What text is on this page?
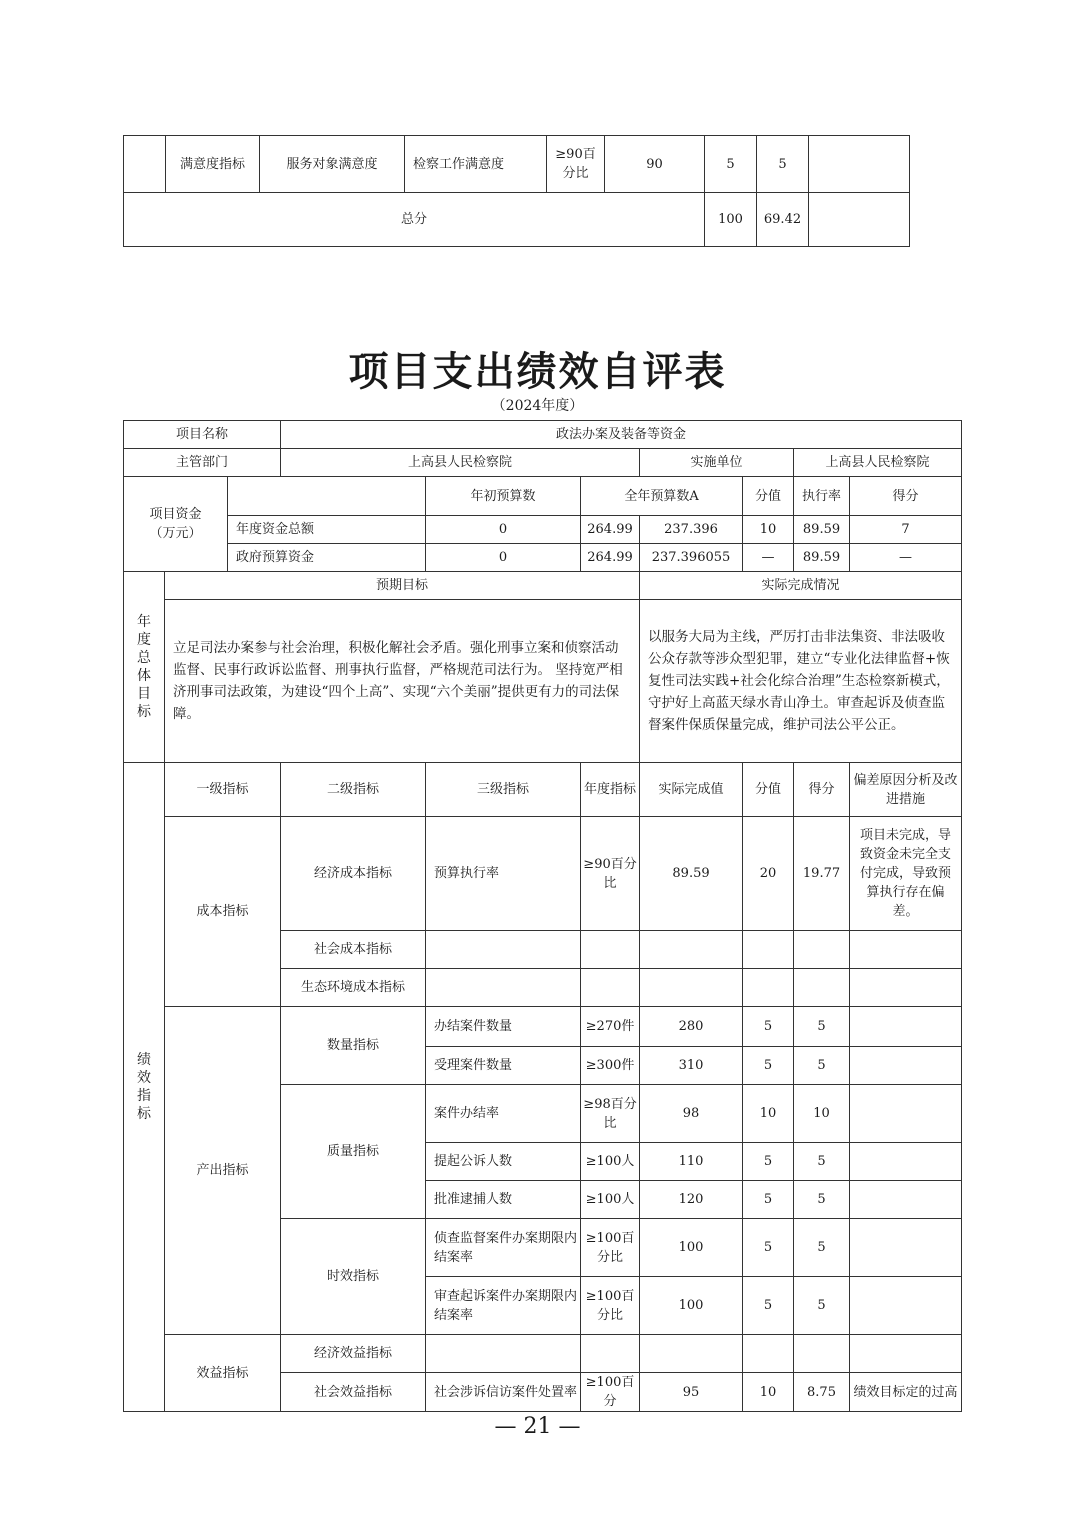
	满意度指标	服务对象满意度	检察工作满意度	≥90百分比	90	5	5	
总分						100	69.42	
项目支出绩效自评表
（2024年度）
项目名称			政法办案及装备等资金						
主管部门			上高县人民检察院			实施单位		上高县人民检察院	
项目资金（万元）				年初预算数	全年预算数A		分值	执行率	得分
		年度资金总额		0	264.99	237.396	10	89.59	7
		政府预算资金		0	264.99	237.396055	—	89.59	—

年度总体目标	预期目标					实际完成情况			
	立足司法办案参与社会治理，积极化解社会矛盾。强化刑事立案和侦察活动监督、民事行政诉讼监督、刑事执行监督，严格规范司法行为。 坚持宽严相济刑事司法政策，为建设“四个上高”、实现“六个美丽”提供更有力的司法保障。					以服务大局为主线，严厉打击非法集资、非法吸收公众存款等涉众型犯罪，建立“专业化法律监督+恢复性司法实践+社会化综合治理”生态检察新模式，守护好上高蓝天绿水青山净土。审查起诉及侦查监督案件保质保量完成，维护司法公平公正。			

绩效指标	一级指标		二级指标	三级指标	年度指标	实际完成值	分值	得分	偏差原因分析及改进措施
	成本指标		经济成本指标	预算执行率	≥90百分比	89.59	20	19.77	项目未完成，导致资金未完全支付完成，导致预算执行存在偏差。
			社会成本指标						
			生态环境成本指标						
	产出指标		数量指标	办结案件数量	≥270件	280	5	5	
				受理案件数量	≥300件	310	5	5	
			质量指标	案件办结率	≥98百分比	98	10	10	
				提起公诉人数	≥100人	110	5	5	
				批准逮捕人数	≥100人	120	5	5	
			时效指标	侦查监督案件办案期限内结案率	≥100百分比	100	5	5	
				审查起诉案件办案期限内结案率	≥100百分比	100	5	5	
	效益指标		经济效益指标						
			社会效益指标	社会涉诉信访案件处置率	≥100百分	95	10	8.75	绩效目标定的过高
— 21 —
